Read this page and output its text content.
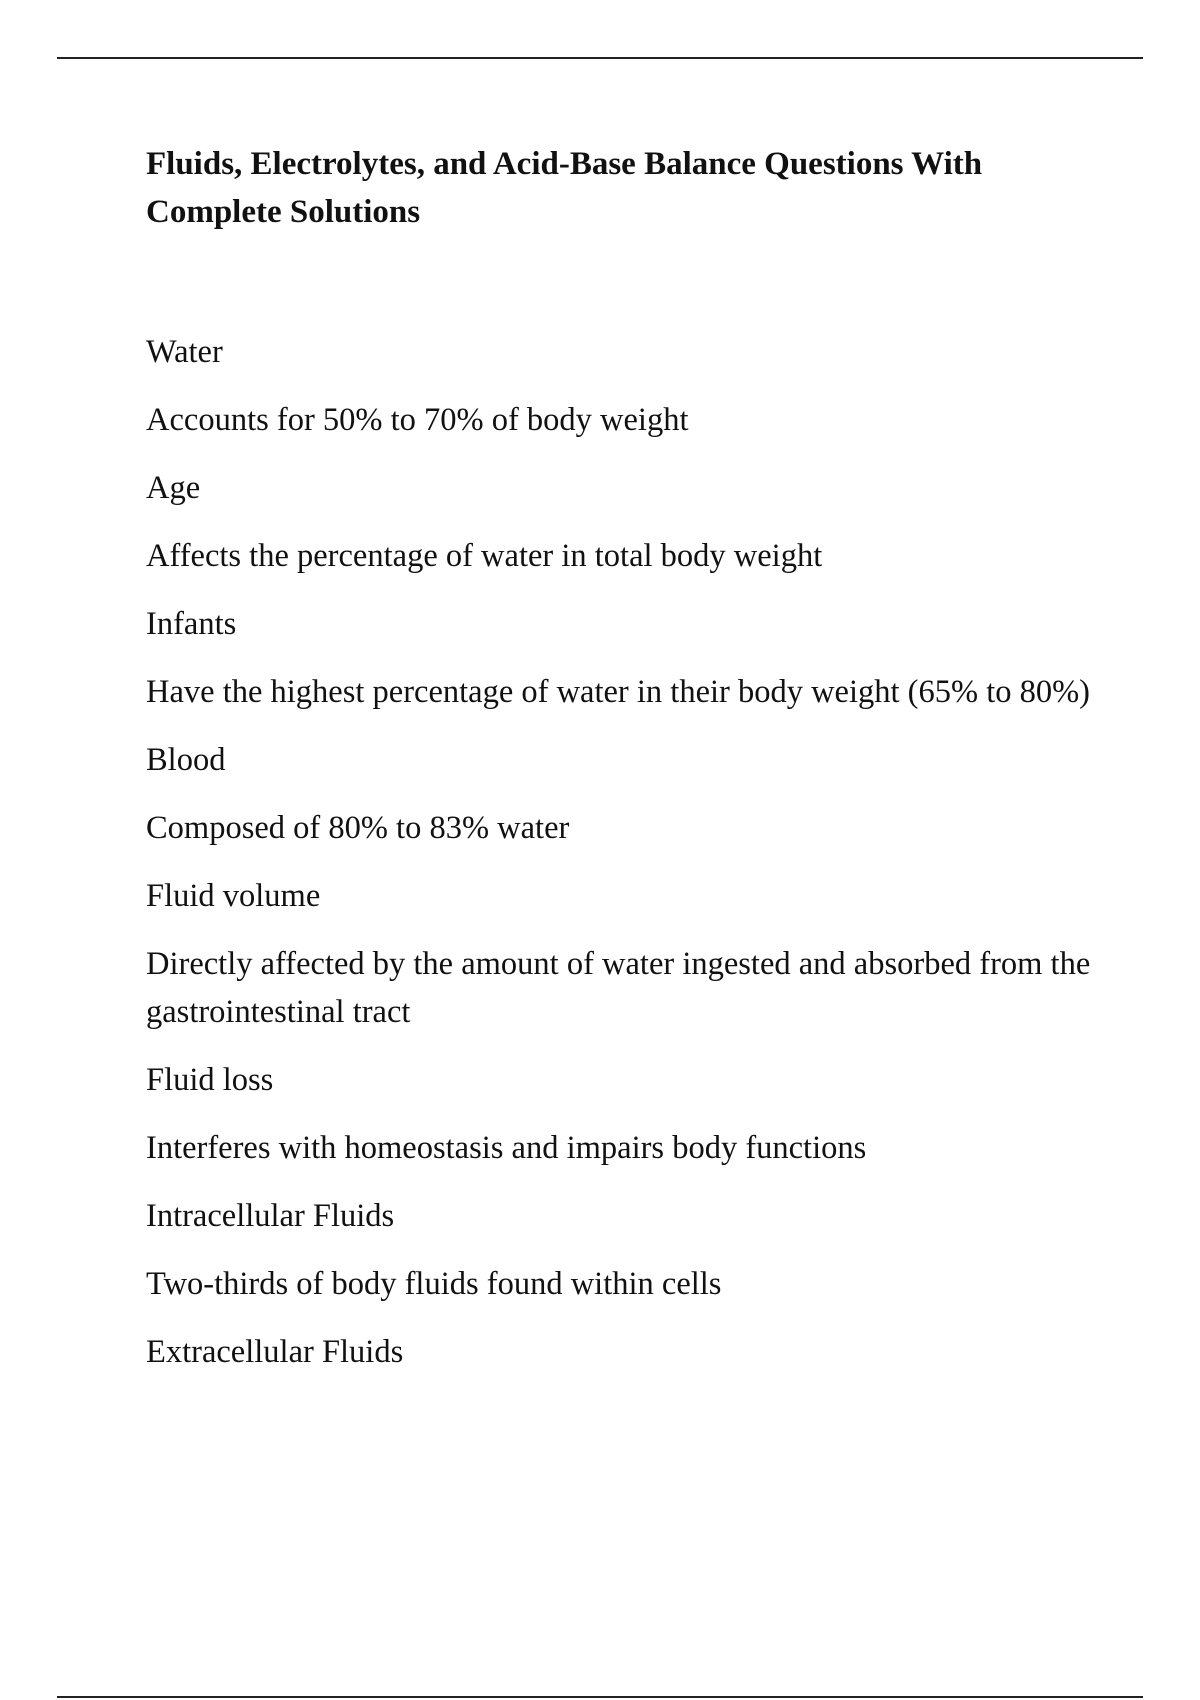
Fluids, Electrolytes, and Acid-Base Balance Questions With Complete Solutions
Water
Accounts for 50% to 70% of body weight
Age
Affects the percentage of water in total body weight
Infants
Have the highest percentage of water in their body weight (65% to 80%)
Blood
Composed of 80% to 83% water
Fluid volume
Directly affected by the amount of water ingested and absorbed from the gastrointestinal tract
Fluid loss
Interferes with homeostasis and impairs body functions
Intracellular Fluids
Two-thirds of body fluids found within cells
Extracellular Fluids
